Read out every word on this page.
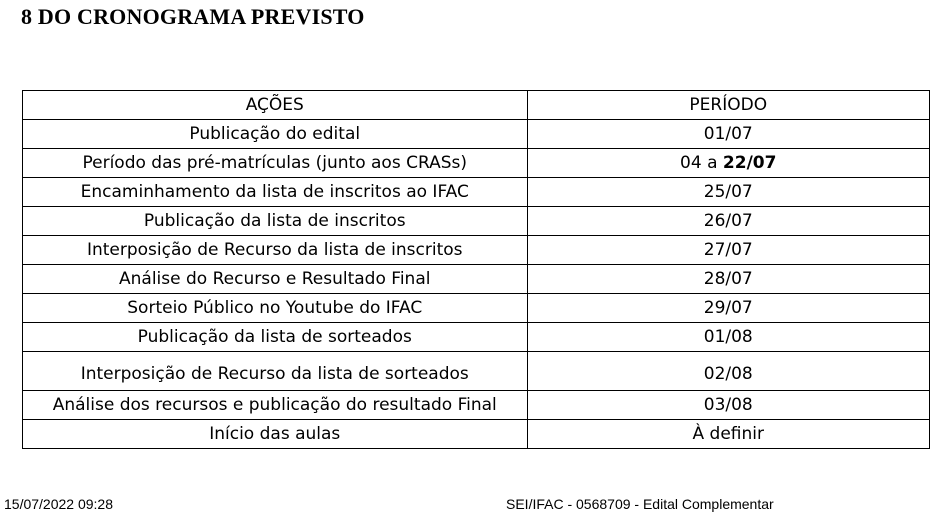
8 DO CRONOGRAMA PREVISTO
AÇÕES	PERÍODO
Publicação do edital	01/07
Período das pré-matrículas (junto aos CRASs)	04 a 22/07
Encaminhamento da lista de inscritos ao IFAC	25/07
Publicação da lista de inscritos	26/07
Interposição de Recurso da lista de inscritos	27/07
Análise do Recurso e Resultado Final	28/07
Sorteio Público no Youtube do IFAC	29/07
Publicação da lista de sorteados	01/08
Interposição de Recurso da lista de sorteados	02/08
Análise dos recursos e publicação do resultado Final	03/08
Início das aulas	À definir
15/07/2022 09:28	SEI/IFAC - 0568709 - Edital Complementar
